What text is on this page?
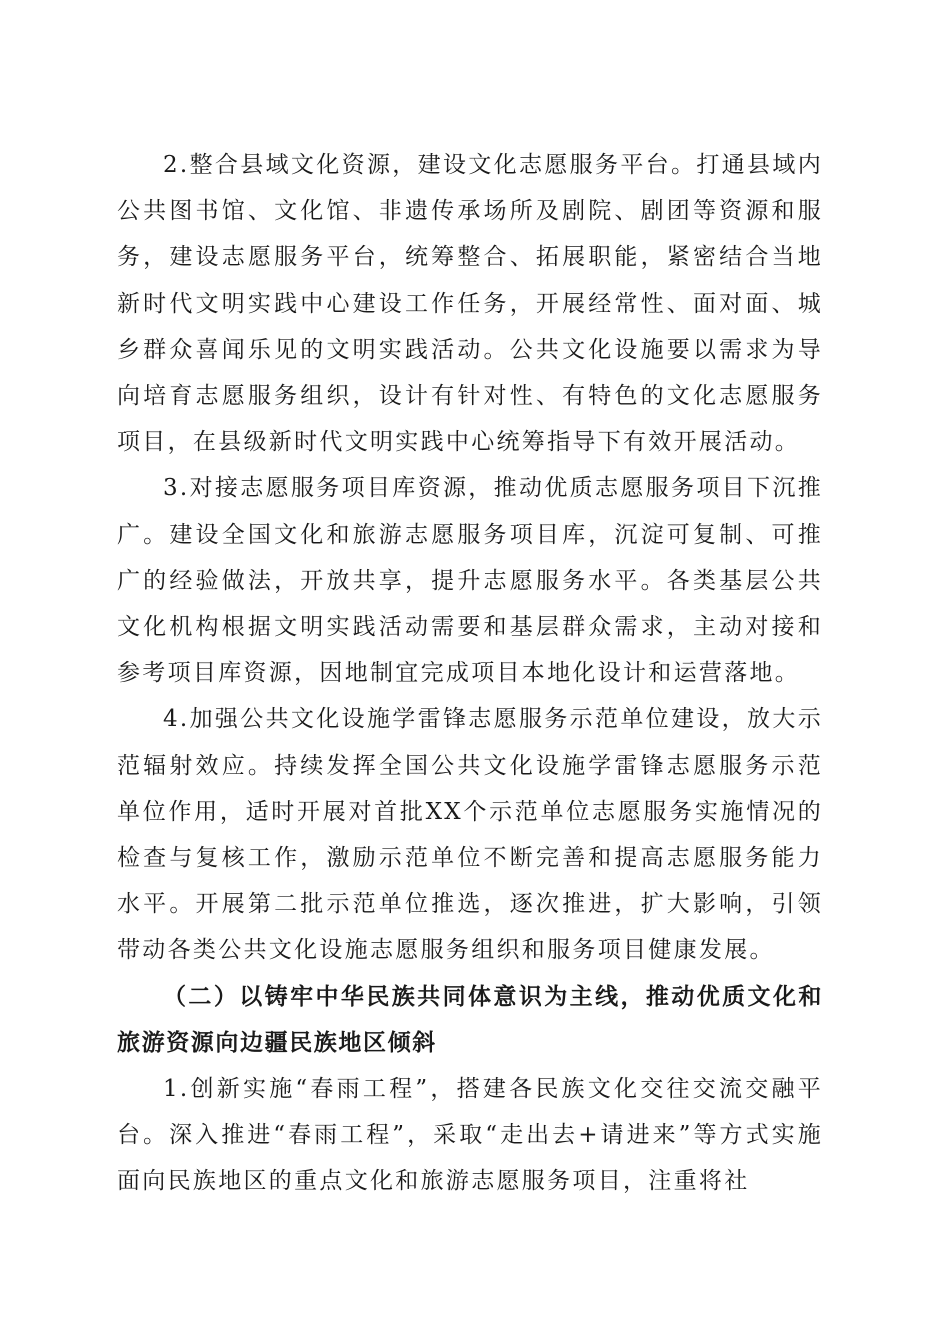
2.整合县域文化资源，建设文化志愿服务平台。打通县域内公共图书馆、文化馆、非遗传承场所及剧院、剧团等资源和服务，建设志愿服务平台，统筹整合、拓展职能，紧密结合当地新时代文明实践中心建设工作任务，开展经常性、面对面、城乡群众喜闻乐见的文明实践活动。公共文化设施要以需求为导向培育志愿服务组织，设计有针对性、有特色的文化志愿服务项目，在县级新时代文明实践中心统筹指导下有效开展活动。

3.对接志愿服务项目库资源，推动优质志愿服务项目下沉推广。建设全国文化和旅游志愿服务项目库，沉淀可复制、可推广的经验做法，开放共享，提升志愿服务水平。各类基层公共文化机构根据文明实践活动需要和基层群众需求，主动对接和参考项目库资源，因地制宜完成项目本地化设计和运营落地。

4.加强公共文化设施学雷锋志愿服务示范单位建设，放大示范辐射效应。持续发挥全国公共文化设施学雷锋志愿服务示范单位作用，适时开展对首批XX个示范单位志愿服务实施情况的检查与复核工作，激励示范单位不断完善和提高志愿服务能力水平。开展第二批示范单位推选，逐次推进，扩大影响，引领带动各类公共文化设施志愿服务组织和服务项目健康发展。

（二）以铸牢中华民族共同体意识为主线，推动优质文化和旅游资源向边疆民族地区倾斜

1.创新实施“春雨工程”，搭建各民族文化交往交流交融平台。深入推进“春雨工程”，采取“走出去+请进来”等方式实施面向民族地区的重点文化和旅游志愿服务项目，注重将社
